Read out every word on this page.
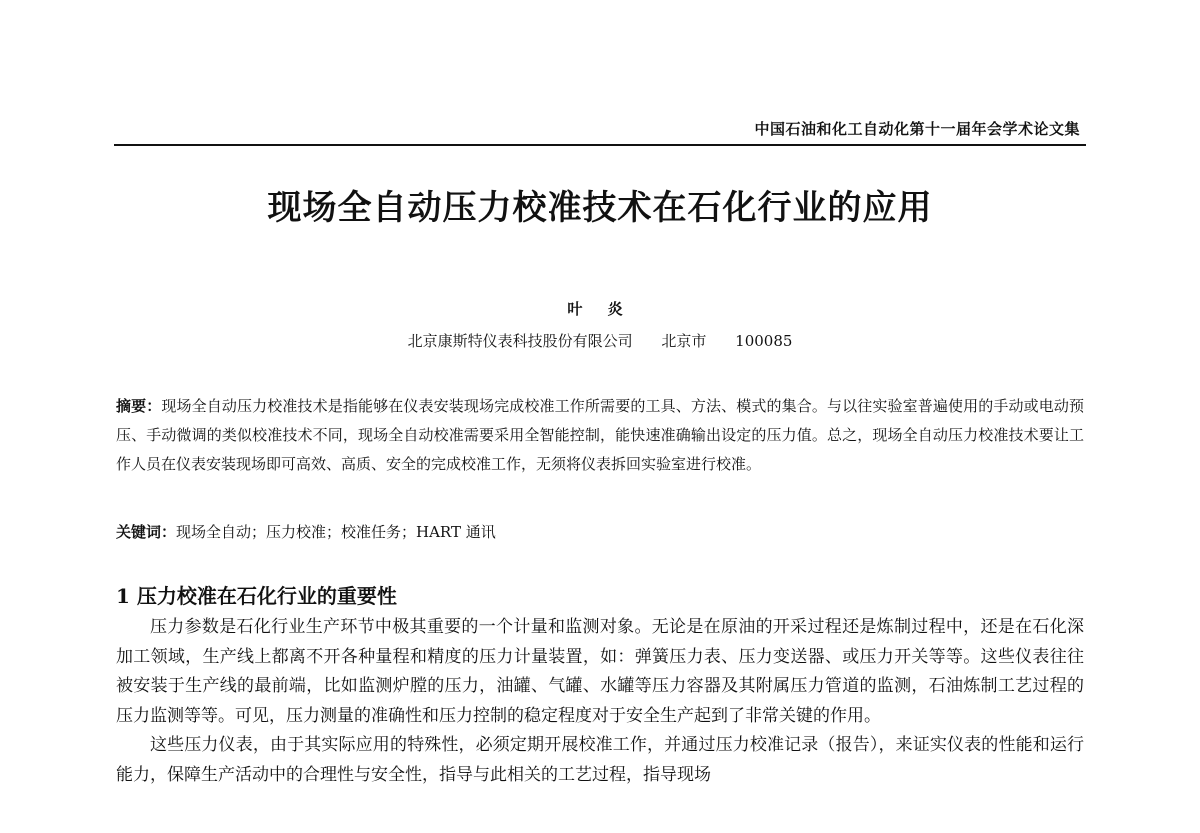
中国石油和化工自动化第十一届年会学术论文集
现场全自动压力校准技术在石化行业的应用
叶 炎
北京康斯特仪表科技股份有限公司 北京市 100085
摘要：现场全自动压力校准技术是指能够在仪表安装现场完成校准工作所需要的工具、方法、模式的集合。与以往实验室普遍使用的手动或电动预压、手动微调的类似校准技术不同，现场全自动校准需要采用全智能控制，能快速准确输出设定的压力值。总之，现场全自动压力校准技术要让工作人员在仪表安装现场即可高效、高质、安全的完成校准工作，无须将仪表拆回实验室进行校准。
关键词：现场全自动；压力校准；校准任务；HART 通讯
1 压力校准在石化行业的重要性

压力参数是石化行业生产环节中极其重要的一个计量和监测对象。无论是在原油的开采过程还是炼制过程中，还是在石化深加工领域，生产线上都离不开各种量程和精度的压力计量装置，如：弹簧压力表、压力变送器、或压力开关等等。这些仪表往往被安装于生产线的最前端，比如监测炉膛的压力，油罐、气罐、水罐等压力容器及其附属压力管道的监测，石油炼制工艺过程的压力监测等等。可见，压力测量的准确性和压力控制的稳定程度对于安全生产起到了非常关键的作用。

这些压力仪表，由于其实际应用的特殊性，必须定期开展校准工作，并通过压力校准记录（报告），来证实仪表的性能和运行能力，保障生产活动中的合理性与安全性，指导与此相关的工艺过程，指导现场
